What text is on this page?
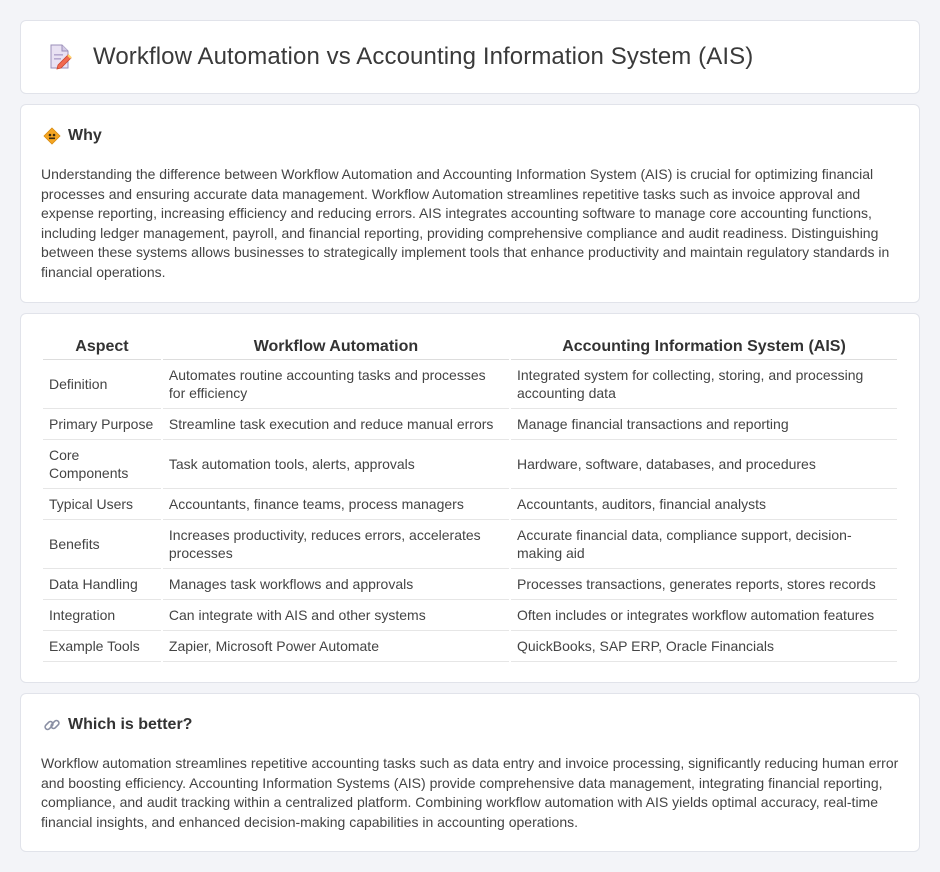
Workflow Automation vs Accounting Information System (AIS)
Why

Understanding the difference between Workflow Automation and Accounting Information System (AIS) is crucial for optimizing financial processes and ensuring accurate data management. Workflow Automation streamlines repetitive tasks such as invoice approval and expense reporting, increasing efficiency and reducing errors. AIS integrates accounting software to manage core accounting functions, including ledger management, payroll, and financial reporting, providing comprehensive compliance and audit readiness. Distinguishing between these systems allows businesses to strategically implement tools that enhance productivity and maintain regulatory standards in financial operations.

Aspect	Workflow Automation	Accounting Information System (AIS)
Definition	Automates routine accounting tasks and processes for efficiency	Integrated system for collecting, storing, and processing accounting data
Primary Purpose	Streamline task execution and reduce manual errors	Manage financial transactions and reporting
Core Components	Task automation tools, alerts, approvals	Hardware, software, databases, and procedures
Typical Users	Accountants, finance teams, process managers	Accountants, auditors, financial analysts
Benefits	Increases productivity, reduces errors, accelerates processes	Accurate financial data, compliance support, decision-making aid
Data Handling	Manages task workflows and approvals	Processes transactions, generates reports, stores records
Integration	Can integrate with AIS and other systems	Often includes or integrates workflow automation features
Example Tools	Zapier, Microsoft Power Automate	QuickBooks, SAP ERP, Oracle Financials
Which is better?

Workflow automation streamlines repetitive accounting tasks such as data entry and invoice processing, significantly reducing human error and boosting efficiency. Accounting Information Systems (AIS) provide comprehensive data management, integrating financial reporting, compliance, and audit tracking within a centralized platform. Combining workflow automation with AIS yields optimal accuracy, real-time financial insights, and enhanced decision-making capabilities in accounting operations.
